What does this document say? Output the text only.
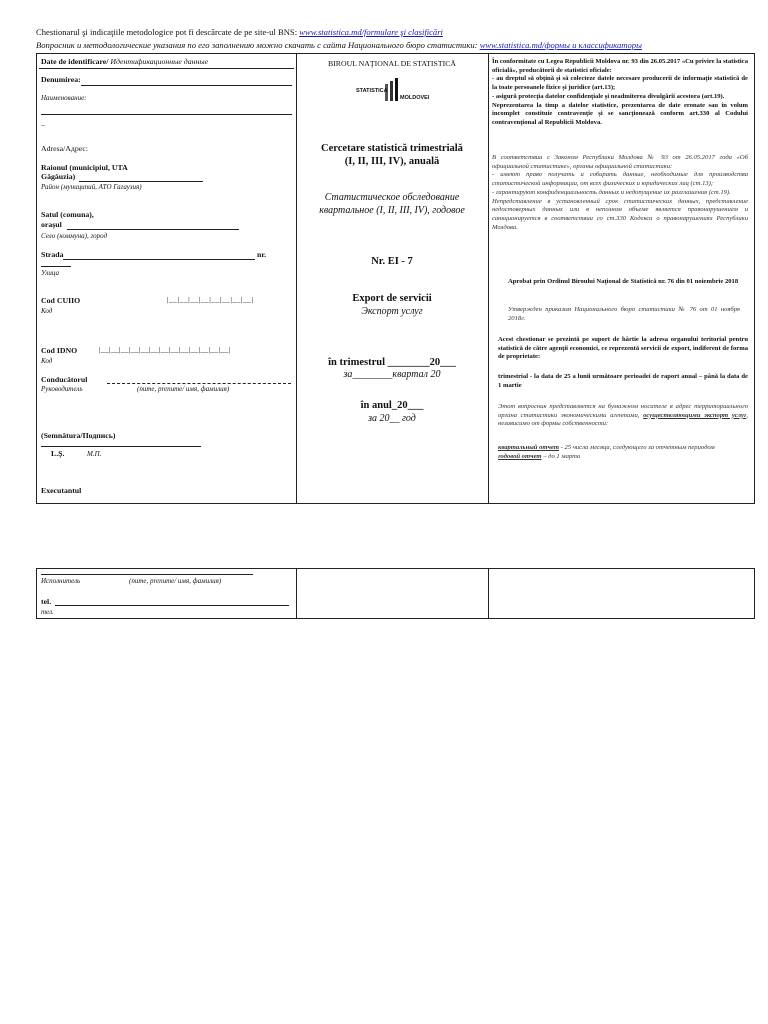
Chestionarul şi indicaţiile metodologice pot fi descărcate de pe site-ul BNS: www.statistica.md/formulare şi clasificări
Вопросник и методологические указания по его заполнению можно скачать с сайта Национального бюро статистики: www.statistica.md/формы и классификаторы
Date de identificare/ Идентификационные данные
Denumirea:
Наименование:
–
Adresa/Адрес:
Raionul (municipiul, UTA
Găgăuzia)
Район (муниципий, АТО Гагаузия)
Satul (comuna),
oraşul
Село (коммуна), город
Strada	nr.
Улица
Cod CUIIO
Код
|__|__|__|__|__|__|__|__|
Cod IDNO
Код
|__|__|__|__|__|__|__|__|__|__|__|__|__|
Conducătorul
Руководитель	(nume, prenume/ имя, фамилия)
(Semnătura/Подпись)
L.Ş.	М.П.
Executantul
BIROUL NAŢIONAL DE STATISTICĂ
STATISTICA
MOLDOVEI
Cercetare statistică trimestrială (I, II, III, IV), anuală
Статистическое обследование квартальное (I, II, III, IV), годовое
Nr. EI - 7
Export de servicii
Экспорт услуг
în trimestrul ________20___
за________квартал 20
în anul_20___
за 20__ год
În conformitate cu Legea Republicii Moldova nr. 93 din 26.05.2017 «Cu privire la statistica oficială», producătorii de statistici oficiale:
- au dreptul să obţină şi să colecteze datele necesare producerii de informaţie statistică de la toate persoanele fizice şi juridice (art.13);
- asigură protecţia datelor confidenţiale şi neadmiterea divulgării acestora (art.19).
Neprezentarea la timp a datelor statistice, prezentarea de date eronate sau în volum incomplet constituie contravenţie şi se sancţionează conform art.330 al Codului contravenţional al Republicii Moldova.
В соответствии с Законом Республики Молдова № 93 от 26.05.2017 года «Об официальной статистике», органы официальной статистики:
- имеют право получать и собирать данные, необходимые для производства статистической информации, от всех физических и юридических лиц (ст.13);
- гарантируют конфиденциальность данных и недопущение их разглашения (ст.19).
Непредставление в установленный срок статистических данных, представление недостоверных данных или в неполном объеме является правонарушением и санкционируется в соответствии со ст.330 Кодекса о правонарушениях Республики Молдова.
Aprobat prin Ordinul Biroului Naţional de Statistică nr. 76 din 01 noiembrie 2018
Утвержден приказом Национального бюро статистики № 76 от 01 ноября 2018г.
Acest chestionar se prezintă pe suport de hârtie la adresa organului teritorial pentru statistică de către agenţii economici, ce reprezentă servicii de export, indiferent de forma de proprietate:
trimestrial - la data de 25 a lunii următoare perioadei de raport anual – până la data de 1 martie
Этот вопросник представляется на бумажном носителе в адрес территориального органа статистики экономическими агентами, осуществляющими экспорт услуг, независимо от формы собственности:
квартальный отчет - 25 числа месяца, следующего за отчетным периодом
годовой отчет – до 1 марта
Исполнитель	(nume, prenume/ имя, фамилия)
tel.
тел.
